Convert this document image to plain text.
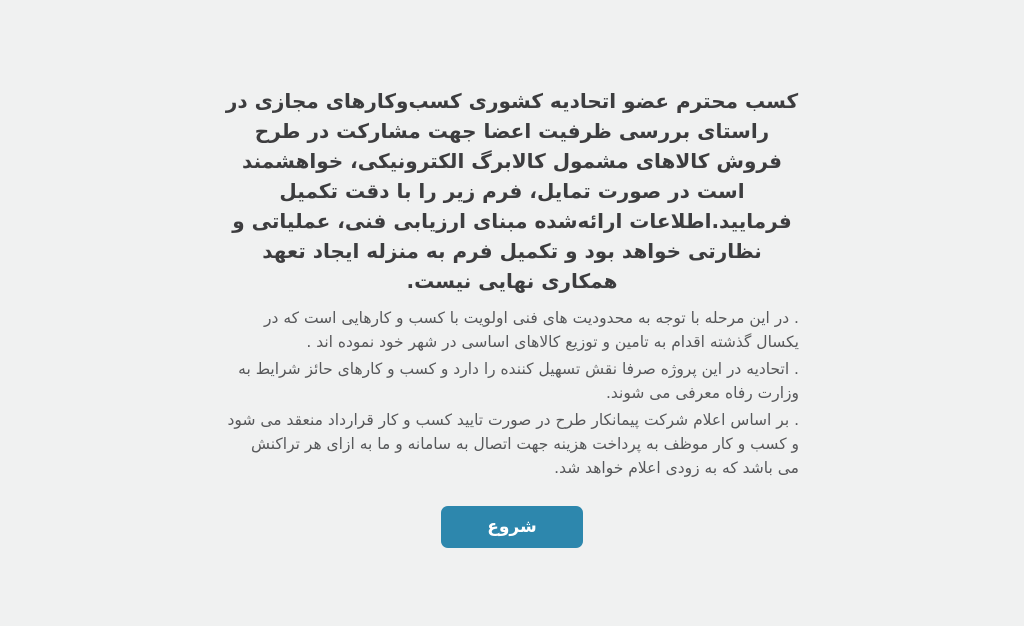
کسب محترم عضو اتحادیه کشوری کسب‌وکارهای مجازی در راستای بررسی ظرفیت اعضا جهت مشارکت در طرح فروش کالاهای مشمول کالابرگ الکترونیکی، خواهشمند است در صورت تمایل، فرم زیر را با دقت تکمیل فرمایید.اطلاعات ارائه‌شده مبنای ارزیابی فنی، عملیاتی و نظارتی خواهد بود و تکمیل فرم به منزله ایجاد تعهد همکاری نهایی نیست.

. در این مرحله با توجه به محدودیت های فنی اولویت با کسب و کارهایی است که در یکسال گذشته اقدام به تامین و توزیع کالاهای اساسی در شهر خود نموده اند .

. اتحادیه در این پروژه صرفا نقش تسهیل کننده را دارد و کسب و کارهای حائز شرایط به وزارت رفاه معرفی می شوند.

. بر اساس اعلام شرکت پیمانکار طرح در صورت تایید کسب و کار قرارداد منعقد می شود و کسب و کار موظف به پرداخت هزینه جهت اتصال به سامانه و ما به ازای هر تراکنش می باشد که به زودی اعلام خواهد شد.

شروع
